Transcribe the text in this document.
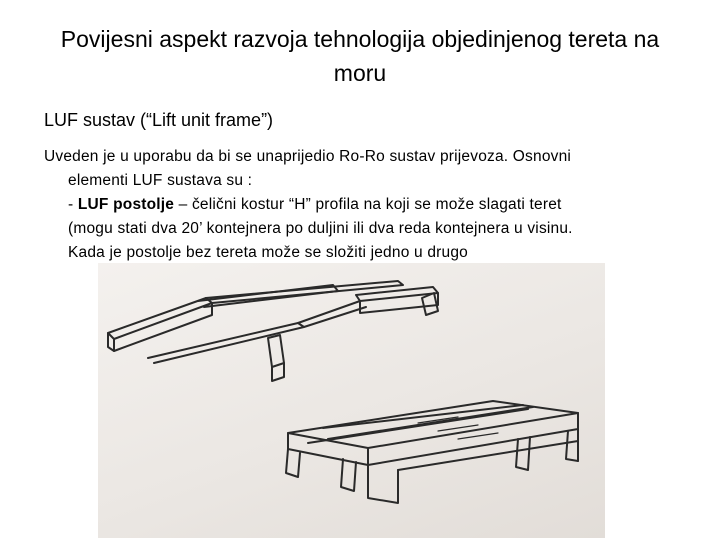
Povijesni aspekt razvoja tehnologija objedinjenog tereta na moru
LUF sustav (“Lift unit frame”)
Uveden je u uporabu da bi se unaprijedio Ro-Ro sustav prijevoza. Osnovni
elementi LUF sustava su :
- LUF postolje – čelični kostur “H” profila na koji se može slagati teret
(mogu stati dva 20’ kontejnera po duljini ili dva reda kontejnera u visinu.
Kada je postolje bez tereta može se složiti jedno u drugo
